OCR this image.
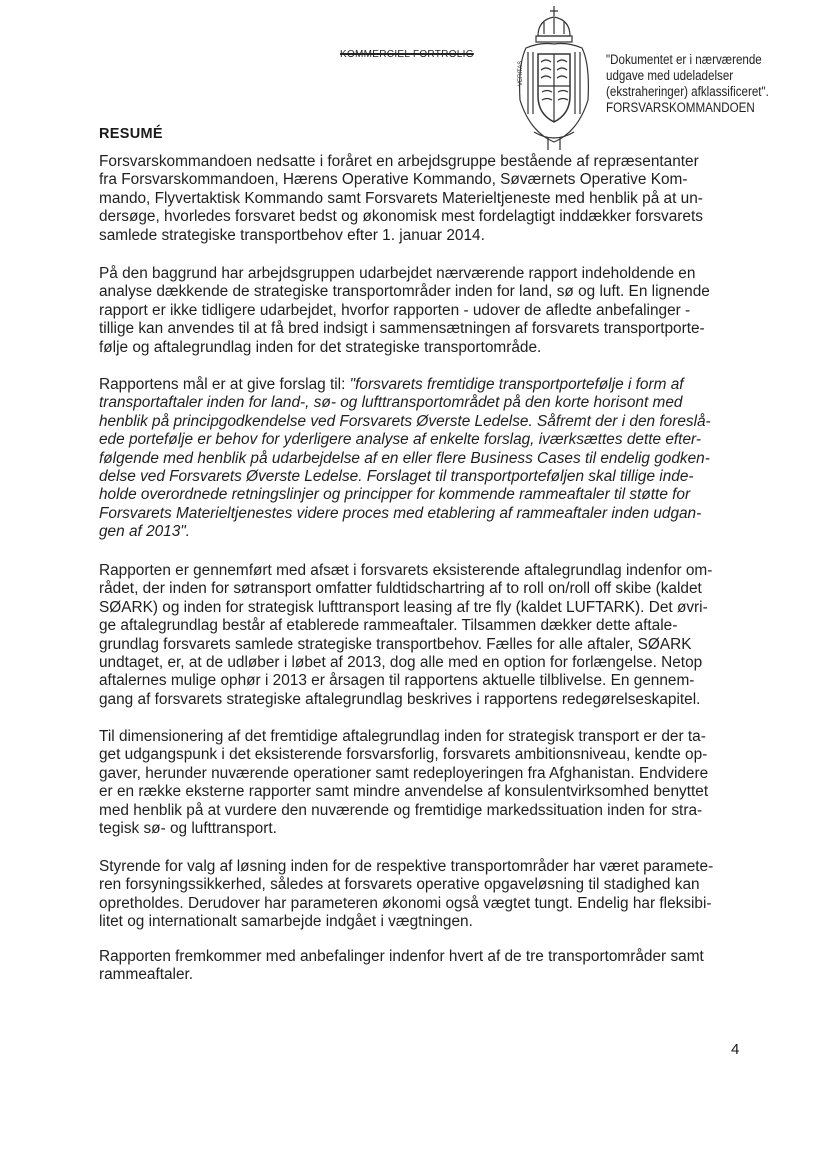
KOMMERCIEL FORTROLIG
VERITAS
"Dokumentet er i nærværende
udgave med udeladelser
(ekstraheringer) afklassificeret".
FORSVARSKOMMANDOEN
RESUMÉ

Forsvarskommandoen nedsatte i foråret en arbejdsgruppe bestående af repræsentanter
fra Forsvarskommandoen, Hærens Operative Kommando, Søværnets Operative Kom-
mando, Flyvertaktisk Kommando samt Forsvarets Materieltjeneste med henblik på at un-
dersøge, hvorledes forsvaret bedst og økonomisk mest fordelagtigt inddækker forsvarets
samlede strategiske transportbehov efter 1. januar 2014.

På den baggrund har arbejdsgruppen udarbejdet nærværende rapport indeholdende en
analyse dækkende de strategiske transportområder inden for land, sø og luft. En lignende
rapport er ikke tidligere udarbejdet, hvorfor rapporten - udover de afledte anbefalinger -
tillige kan anvendes til at få bred indsigt i sammensætningen af forsvarets transportporte-
følje og aftalegrundlag inden for det strategiske transportområde.

Rapportens mål er at give forslag til: "forsvarets fremtidige transportportefølje i form af
transportaftaler inden for land-, sø- og lufttransportområdet på den korte horisont med
henblik på principgodkendelse ved Forsvarets Øverste Ledelse. Såfremt der i den foreslå-
ede portefølje er behov for yderligere analyse af enkelte forslag, iværksættes dette efter-
følgende med henblik på udarbejdelse af en eller flere Business Cases til endelig godken-
delse ved Forsvarets Øverste Ledelse. Forslaget til transportporteføljen skal tillige inde-
holde overordnede retningslinjer og principper for kommende rammeaftaler til støtte for
Forsvarets Materieltjenestes videre proces med etablering af rammeaftaler inden udgan-
gen af 2013".

Rapporten er gennemført med afsæt i forsvarets eksisterende aftalegrundlag indenfor om-
rådet, der inden for søtransport omfatter fuldtidschartring af to roll on/roll off skibe (kaldet
SØARK) og inden for strategisk lufttransport leasing af tre fly (kaldet LUFTARK). Det øvri-
ge aftalegrundlag består af etablerede rammeaftaler. Tilsammen dækker dette aftale-
grundlag forsvarets samlede strategiske transportbehov. Fælles for alle aftaler, SØARK
undtaget, er, at de udløber i løbet af 2013, dog alle med en option for forlængelse. Netop
aftalernes mulige ophør i 2013 er årsagen til rapportens aktuelle tilblivelse. En gennem-
gang af forsvarets strategiske aftalegrundlag beskrives i rapportens redegørelseskapitel.

Til dimensionering af det fremtidige aftalegrundlag inden for strategisk transport er der ta-
get udgangspunk i det eksisterende forsvarsforlig, forsvarets ambitionsniveau, kendte op-
gaver, herunder nuværende operationer samt redeployeringen fra Afghanistan. Endvidere
er en række eksterne rapporter samt mindre anvendelse af konsulentvirksomhed benyttet
med henblik på at vurdere den nuværende og fremtidige markedssituation inden for stra-
tegisk sø- og lufttransport.

Styrende for valg af løsning inden for de respektive transportområder har været paramete-
ren forsyningssikkerhed, således at forsvarets operative opgaveløsning til stadighed kan
opretholdes. Derudover har parameteren økonomi også vægtet tungt. Endelig har fleksibi-
litet og internationalt samarbejde indgået i vægtningen.

Rapporten fremkommer med anbefalinger indenfor hvert af de tre transportområder samt
rammeaftaler.

4
